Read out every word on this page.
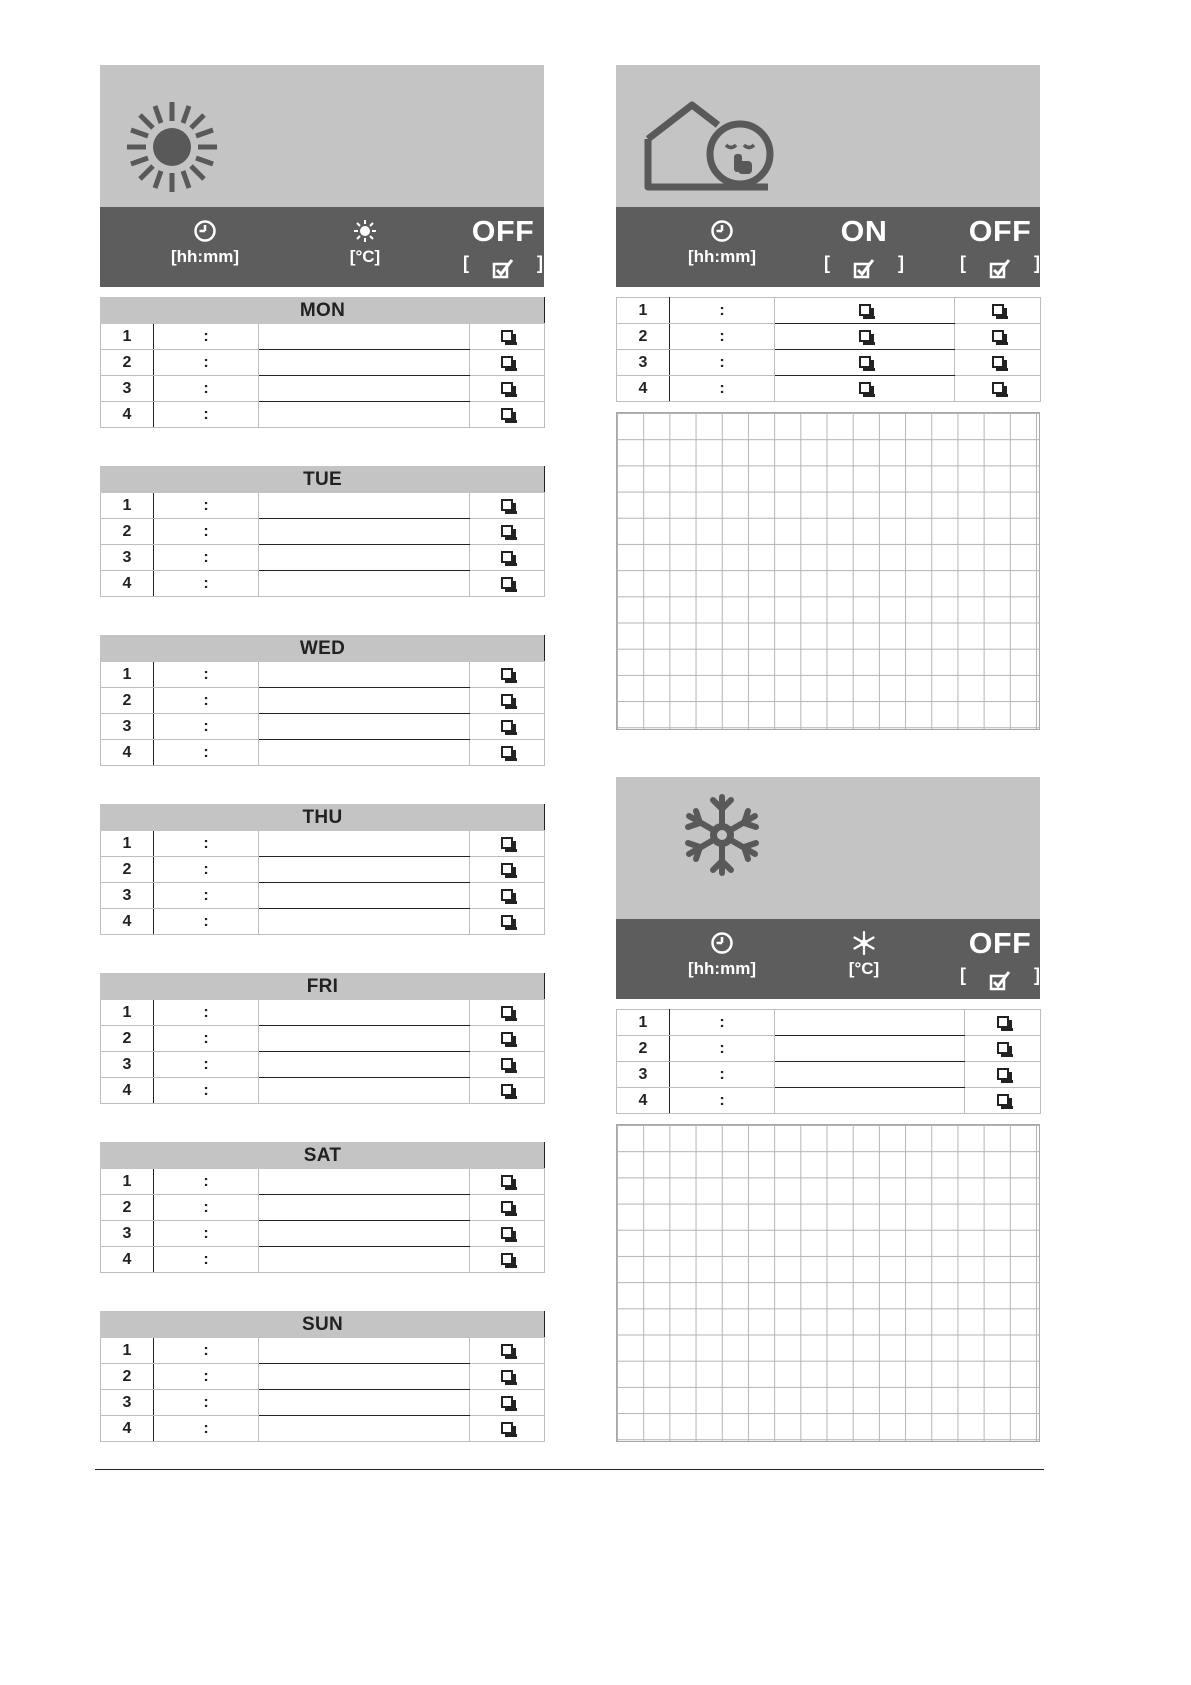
[hh:mm]	[°C]
OFF
[	]
MON			
1	:		
2	:		
3	:		
4	:		
TUE			
1	:		
2	:		
3	:		
4	:		
WED			
1	:		
2	:		
3	:		
4	:		
THU			
1	:		
2	:		
3	:		
4	:		
FRI			
1	:		
2	:		
3	:		
4	:		
SAT			
1	:		
2	:		
3	:		
4	:		
SUN			
1	:		
2	:		
3	:		
4	:		
[hh:mm]
ON
[	]
OFF
[	]
1	:		
2	:		
3	:		
4	:		
[hh:mm]	[°C]
OFF
[	]
1	:		
2	:		
3	:		
4	:		
